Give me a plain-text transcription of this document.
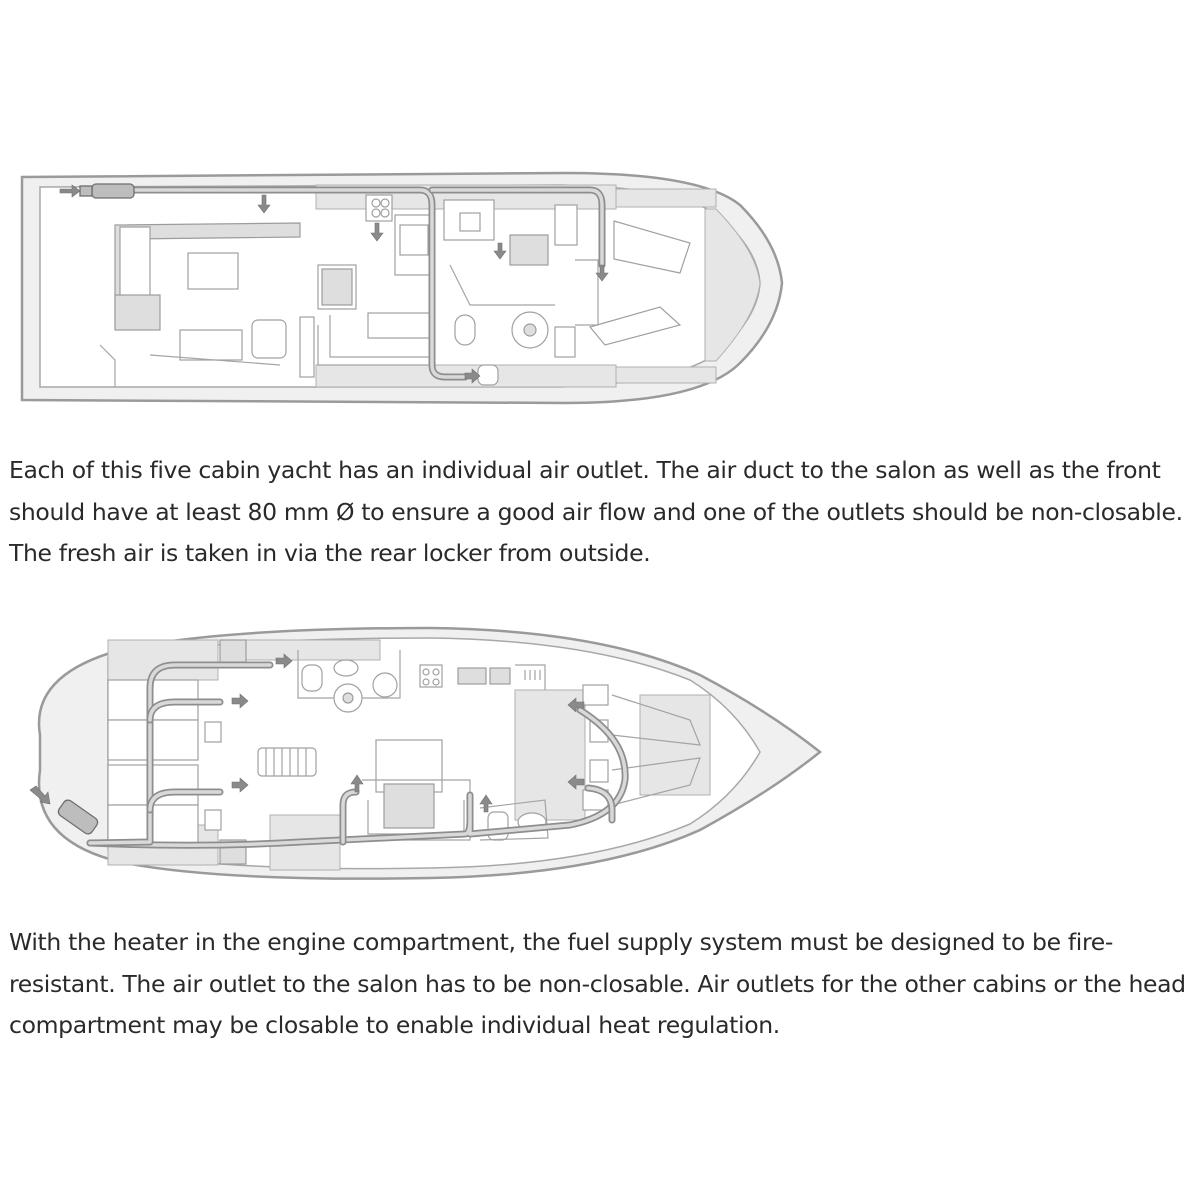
Each of this five cabin yacht has an individual air outlet. The air duct to the salon as well as the front should have at least 80 mm Ø to ensure a good air flow and one of the outlets should be non-closable. The fresh air is taken in via the rear locker from outside.

With the heater in the engine compartment, the fuel supply system must be designed to be fire-resistant. The air outlet to the salon has to be non-closable. Air outlets for the other cabins or the head compartment may be closable to enable individual heat regulation.
